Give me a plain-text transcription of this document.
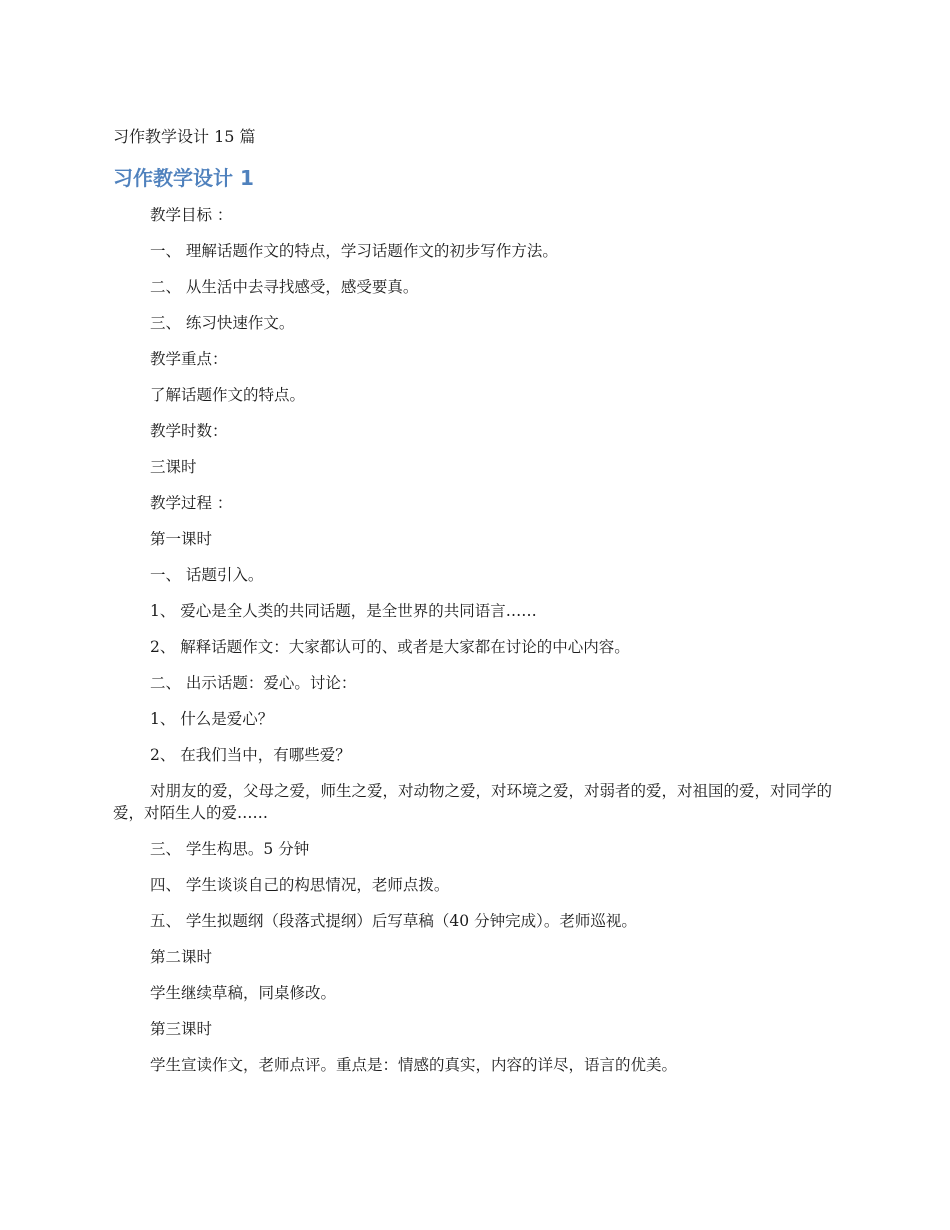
习作教学设计 15 篇
习作教学设计 1

教学目标 ：

一、 理解话题作文的特点，学习话题作文的初步写作方法。

二、 从生活中去寻找感受，感受要真。

三、 练习快速作文。

教学重点：

了解话题作文的特点。

教学时数：

三课时

教学过程 ：

第一课时

一、 话题引入。

1、 爱心是全人类的共同话题，是全世界的共同语言……

2、 解释话题作文：大家都认可的、或者是大家都在讨论的中心内容。

二、 出示话题：爱心。讨论：

1、 什么是爱心？

2、 在我们当中，有哪些爱？

对朋友的爱，父母之爱，师生之爱，对动物之爱，对环境之爱，对弱者的爱，对祖国的爱，对同学的爱，对陌生人的爱……

三、 学生构思。5 分钟

四、 学生谈谈自己的构思情况，老师点拨。

五、 学生拟题纲（段落式提纲）后写草稿（40 分钟完成）。老师巡视。

第二课时

学生继续草稿，同桌修改。

第三课时

学生宣读作文，老师点评。重点是：情感的真实，内容的详尽，语言的优美。
